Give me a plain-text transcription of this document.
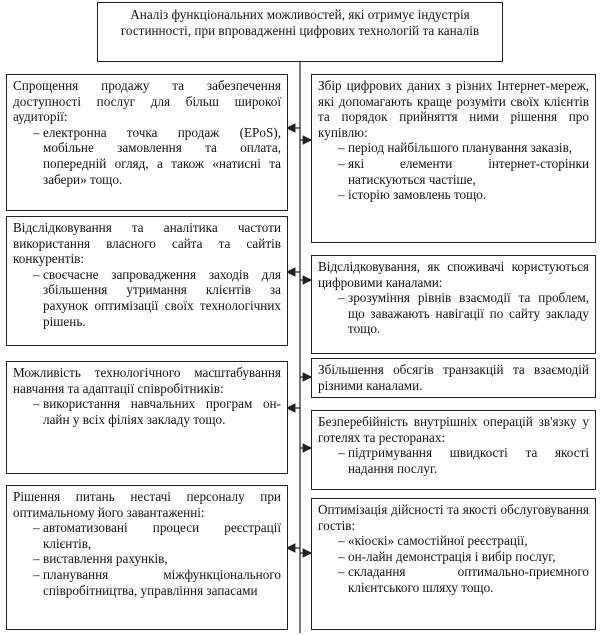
Аналіз функціональних можливостей, які отримує індустрія гостинності, при впровадженні цифрових технологій та каналів
Спрощення продажу та забезпечення доступності послуг для більш широкої аудиторії:
– електронна точка продаж (EPoS), мобільне замовлення та оплата, попередній огляд, а також «натисні та забери» тощо.
Відслідковування та аналітика частоти використання власного сайта та сайтів конкурентів:
– своєчасне запровадження заходів для збільшення утримання клієнтів за рахунок оптимізації своїх технологічних рішень.
Можливість технологічного масштабування навчання та адаптації співробітників:
– використання навчальних програм он-лайн у всіх філіях закладу тощо.
Рішення питань нестачі персоналу при оптимальному його завантаженні:
– автоматизовані процеси реєстрації клієнтів,
– виставлення рахунків,
– планування міжфункціонального співробітництва, управління запасами
Збір цифрових даних з різних Інтернет-мереж, які допомагають краще розуміти своїх клієнтів та порядок прийняття ними рішення про купівлю:
– період найбільшого планування заказів,
– які елементи інтернет-сторінки натискуються частіше,
– історію замовлень тощо.
Відслідковування, як споживачі користуються цифровими каналами:
– зрозуміння рівнів взаємодії та проблем, що заважають навігації по сайту закладу тощо.
Збільшення обсягів транзакцій та взаємодій різними каналами.
Безперебійність внутрішніх операцій зв'язку у готелях та ресторанах:
– підтримування швидкості та якості надання послуг.
Оптимізація дійсності та якості обслуговування гостів:
– «кіоскі» самостійної реєстрації,
– он-лайн демонстрація і вибір послуг,
– складання оптимально-приємного клієнтського шляху тощо.
